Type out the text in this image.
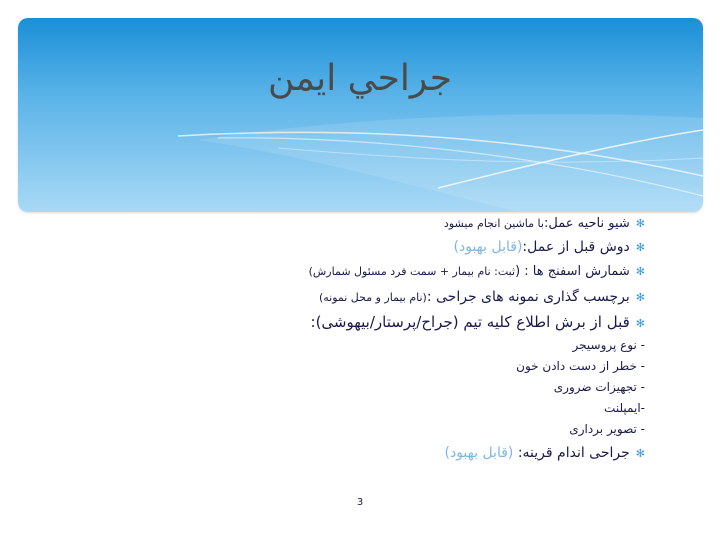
جراحي ايمن
✻شیو ناحیه عمل:با ماشین انجام میشود
✻دوش قبل از عمل:(قابل بهبود)
✻شمارش اسفنج ها : (ثبت: نام بیمار + سمت فرد مسئول شمارش)
✻برچسب گذاری نمونه های جراحی :(نام بیمار و محل نمونه)
✻قبل از برش اطلاع کلیه تیم (جراح/پرستار/بیهوشی):
- نوع پروسیجر
- خطر از دست دادن خون
- تجهیزات ضروری
-ایمپلنت
- تصویر برداری
✻جراحی اندام قرینه: (قابل بهبود)
3
